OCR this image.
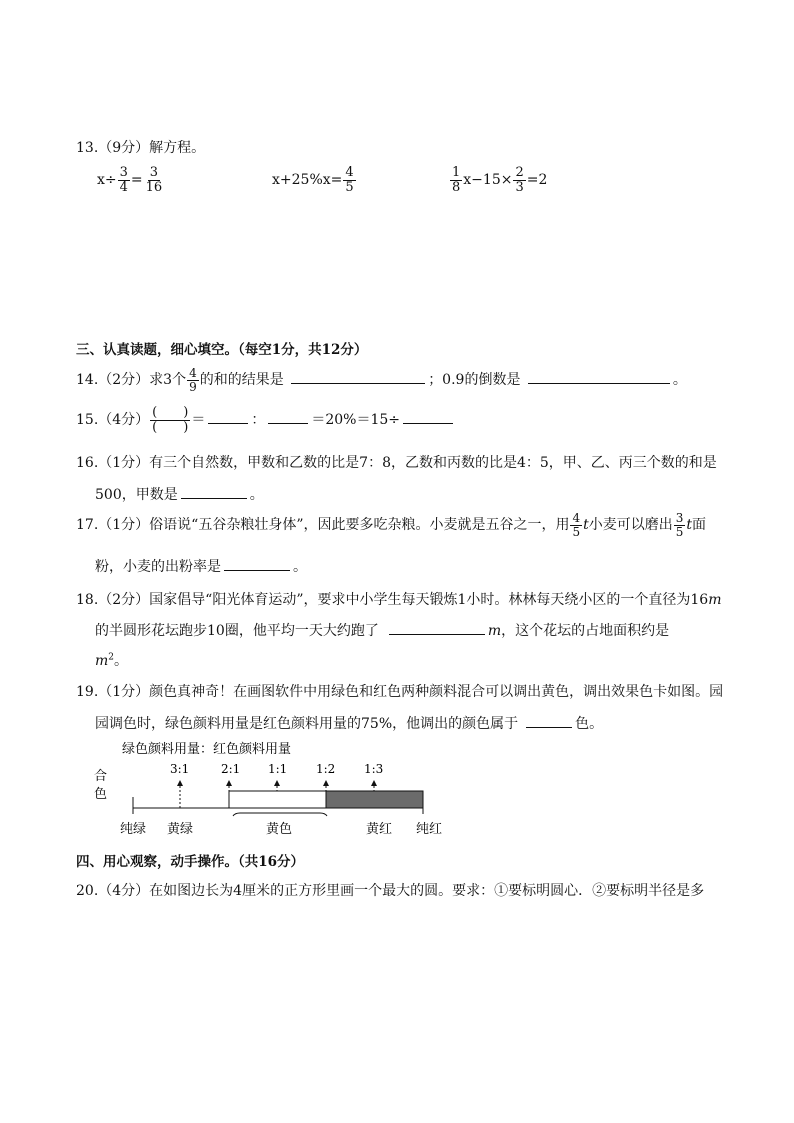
13.（9分）解方程。
$x\div \frac{3}{4} = \frac{3}{16}$	$x+25\%x= \frac{4}{5}$	$\frac{1}{8} x-15\times \frac{2}{3} =2$
三、认真读题，细心填空。（每空1分，共12分）
14.（2分）求3个 $\frac{4}{9}$ 的和的结果是	；0.9的倒数是	。
15.（4分） $\frac{( )}{( )}$ ＝	：	＝20%＝15÷
16.（1分）有三个自然数，甲数和乙数的比是7：8，乙数和丙数的比是4：5，甲、乙、丙三个数的和是
500，甲数是	。
17.（1分）俗语说“五谷杂粮壮身体”，因此要多吃杂粮。小麦就是五谷之一，用 $\frac{4}{5}$ t小麦可以磨出 $\frac{3}{5}$ t面
粉，小麦的出粉率是	。
18.（2分）国家倡导“阳光体育运动”，要求中小学生每天锻炼1小时。林林每天绕小区的一个直径为16m
的半圆形花坛跑步10圈，他平均一天大约跑了	m，这个花坛的占地面积约是
$m^2$。
19.（1分）颜色真神奇！在画图软件中用绿色和红色两种颜料混合可以调出黄色，调出效果色卡如图。园
园调色时，绿色颜料用量是红色颜料用量的75%，他调出的颜色属于	色。
绿色颜料用量：红色颜料用量
合
色
3:1	2:1 1:1 1:2 1:3
纯绿 黄绿	黄色	黄红 纯红
四、用心观察，动手操作。（共16分）
20.（4分）在如图边长为4厘米的正方形里画一个最大的圆。要求：①要标明圆心．②要标明半径是多
